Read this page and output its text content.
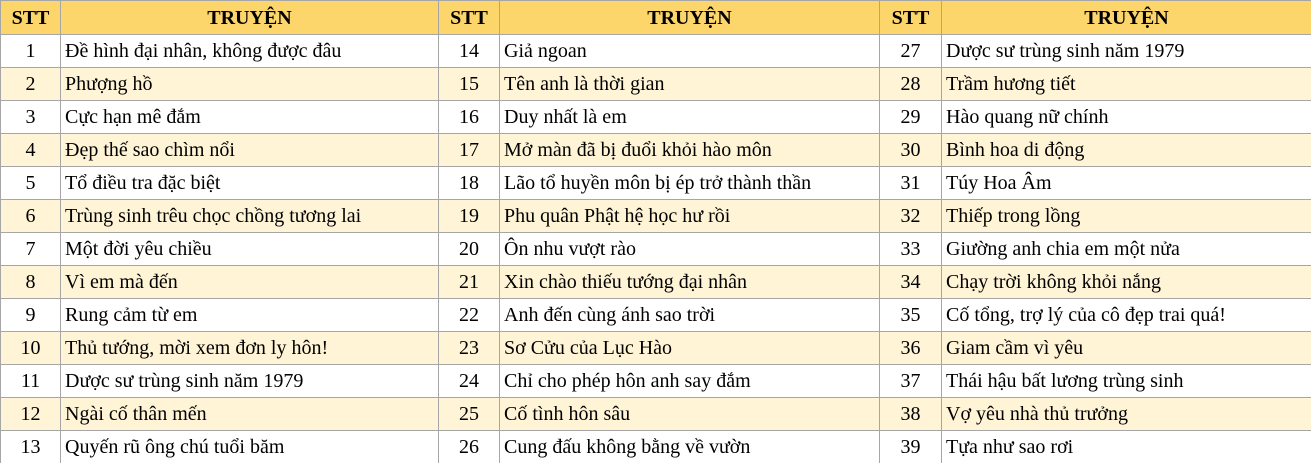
STT	TRUYỆN	STT	TRUYỆN	STT	TRUYỆN
1	Đề hình đại nhân, không được đâu	14	Giả ngoan	27	Dược sư trùng sinh năm 1979
2	Phượng hồ	15	Tên anh là thời gian	28	Trầm hương tiết
3	Cực hạn mê đắm	16	Duy nhất là em	29	Hào quang nữ chính
4	Đẹp thế sao chìm nổi	17	Mở màn đã bị đuổi khỏi hào môn	30	Bình hoa di động
5	Tổ điều tra đặc biệt	18	Lão tổ huyền môn bị ép trở thành thần	31	Túy Hoa Âm
6	Trùng sinh trêu chọc chồng tương lai	19	Phu quân Phật hệ học hư rồi	32	Thiếp trong lồng
7	Một đời yêu chiều	20	Ôn nhu vượt rào	33	Giường anh chia em một nửa
8	Vì em mà đến	21	Xin chào thiếu tướng đại nhân	34	Chạy trời không khỏi nắng
9	Rung cảm từ em	22	Anh đến cùng ánh sao trời	35	Cố tổng, trợ lý của cô đẹp trai quá!
10	Thủ tướng, mời xem đơn ly hôn!	23	Sơ Cửu của Lục Hào	36	Giam cầm vì yêu
11	Dược sư trùng sinh năm 1979	24	Chỉ cho phép hôn anh say đắm	37	Thái hậu bất lương trùng sinh
12	Ngài cố thân mến	25	Cố tình hôn sâu	38	Vợ yêu nhà thủ trưởng
13	Quyến rũ ông chú tuổi băm	26	Cung đấu không bằng về vườn	39	Tựa như sao rơi
